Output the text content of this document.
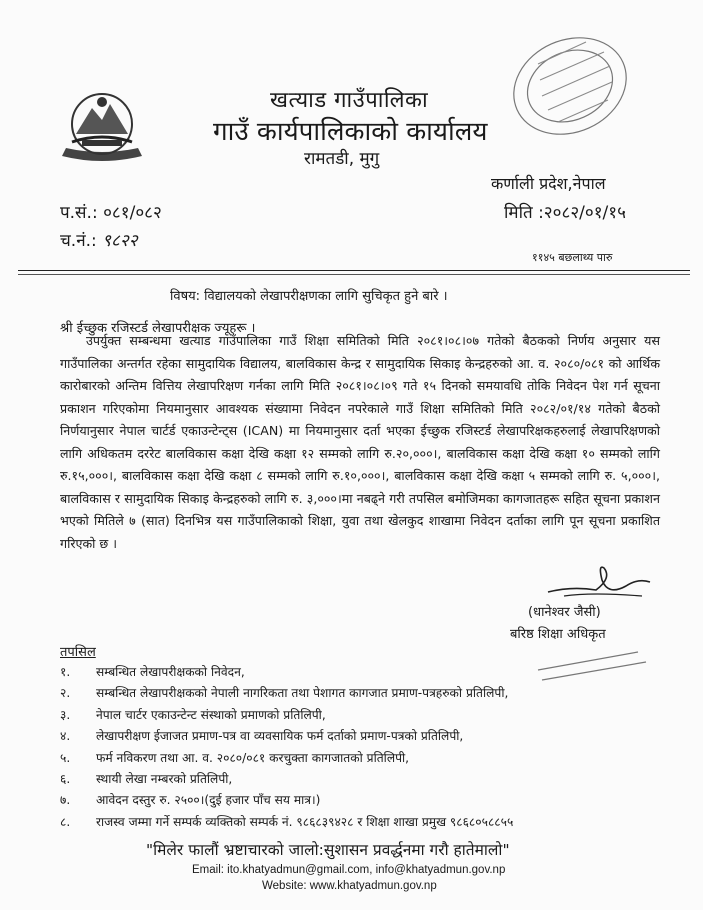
खत्याड गाउँपालिका
गाउँ कार्यपालिकाको कार्यालय
रामतडी, मुगु
कर्णाली प्रदेश,नेपाल
मिति :२०८२/०१/१५
प.सं.: ०८१/०८२
च.नं.: ९८२२
११४५ बछलाथ्य पारु
विषय: विद्यालयको लेखापरीक्षणका लागि सुचिकृत हुने बारे ।
श्री ईच्छुक रजिस्टर्ड लेखापरीक्षक ज्यूहरू ।
उपर्युक्त सम्बन्धमा खत्याड गाउँपालिका गाउँ शिक्षा समितिको मिति २०८१।०८।०७ गतेको बैठकको निर्णय अनुसार यस गाउँपालिका अन्तर्गत रहेका सामुदायिक विद्यालय, बालविकास केन्द्र र सामुदायिक सिकाइ केन्द्रहरुको आ. व. २०८०/०८१ को आर्थिक कारोबारको अन्तिम वित्तिय लेखापरिक्षण गर्नका लागि मिति २०८१।०८।०९ गते १५ दिनको समयावधि तोकि निवेदन पेश गर्न सूचना प्रकाशन गरिएकोमा नियमानुसार आवश्यक संख्यामा निवेदन नपरेकाले गाउँ शिक्षा समितिको मिति २०८२/०१/१४ गतेको बैठको निर्णयानुसार नेपाल चार्टर्ड एकाउन्टेन्ट्स (ICAN) मा नियमानुसार दर्ता भएका ईच्छुक रजिस्टर्ड लेखापरिक्षकहरुलाई लेखापरिक्षणको लागि अधिकतम दररेट बालविकास कक्षा देखि कक्षा १२ सम्मको लागि रु.२०,०००।, बालविकास कक्षा देखि कक्षा १० सम्मको लागि रु.१५,०००।, बालविकास कक्षा देखि कक्षा ८ सम्मको लागि रु.१०,०००।, बालविकास कक्षा देखि कक्षा ५ सम्मको लागि रु. ५,०००।, बालविकास र सामुदायिक सिकाइ केन्द्रहरुको लागि रु. ३,०००।मा नबढ्ने गरी तपसिल बमोजिमका कागजातहरू सहित सूचना प्रकाशन भएको मितिले ७ (सात) दिनभित्र यस गाउँपालिकाको शिक्षा, युवा तथा खेलकुद शाखामा निवेदन दर्ताका लागि पून सूचना प्रकाशित गरिएको छ ।
(धानेश्वर जैसी)
बरिष्ठ शिक्षा अधिकृत
तपसिल
१.	सम्बन्धित लेखापरीक्षकको निवेदन,
२.	सम्बन्धित लेखापरीक्षकको नेपाली नागरिकता तथा पेशागत कागजात प्रमाण-पत्रहरुको प्रतिलिपी,
३.	नेपाल चार्टर एकाउन्टेन्ट संस्थाको प्रमाणको प्रतिलिपी,
४.	लेखापरीक्षण ईजाजत प्रमाण-पत्र वा व्यवसायिक फर्म दर्ताको प्रमाण-पत्रको प्रतिलिपी,
५.	फर्म नविकरण तथा आ. व. २०८०/०८१ करचुक्ता कागजातको प्रतिलिपी,
६.	स्थायी लेखा नम्बरको प्रतिलिपी,
७.	आवेदन दस्तुर रु. २५००।(दुई हजार पाँच सय मात्र।)
८.	राजस्व जम्मा गर्ने सम्पर्क व्यक्तिको सम्पर्क नं. ९८६८३९४२८ र शिक्षा शाखा प्रमुख ९८६८०५८८५५
"मिलेर फालौं भ्रष्टाचारको जालो:सुशासन प्रवर्द्धनमा गरौ हातेमालो"
Email: ito.khatyadmun@gmail.com, info@khatyadmun.gov.np
Website: www.khatyadmun.gov.np
